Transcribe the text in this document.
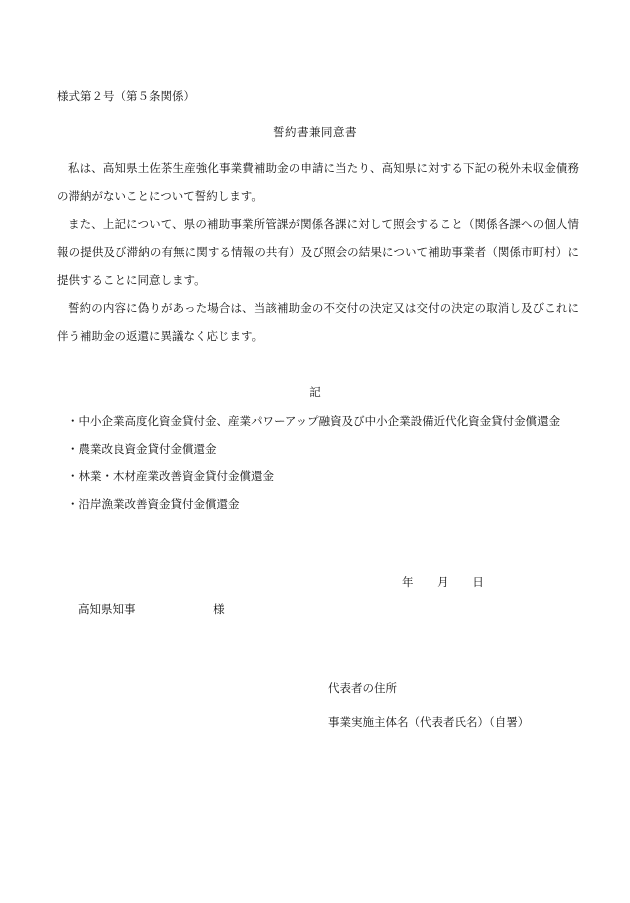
様式第２号（第５条関係）
誓約書兼同意書

私は、高知県土佐茶生産強化事業費補助金の申請に当たり、高知県に対する下記の税外未収金債務の滞納がないことについて誓約します。

また、上記について、県の補助事業所管課が関係各課に対して照会すること（関係各課への個人情報の提供及び滞納の有無に関する情報の共有）及び照会の結果について補助事業者（関係市町村）に提供することに同意します。

誓約の内容に偽りがあった場合は、当該補助金の不交付の決定又は交付の決定の取消し及びこれに伴う補助金の返還に異議なく応じます。

記
・中小企業高度化資金貸付金、産業パワーアップ融資及び中小企業設備近代化資金貸付金償還金
・農業改良資金貸付金償還金
・林業・木材産業改善資金貸付金償還金
・沿岸漁業改善資金貸付金償還金
年 月 日
高知県知事	様
代表者の住所
事業実施主体名（代表者氏名）（自署）
